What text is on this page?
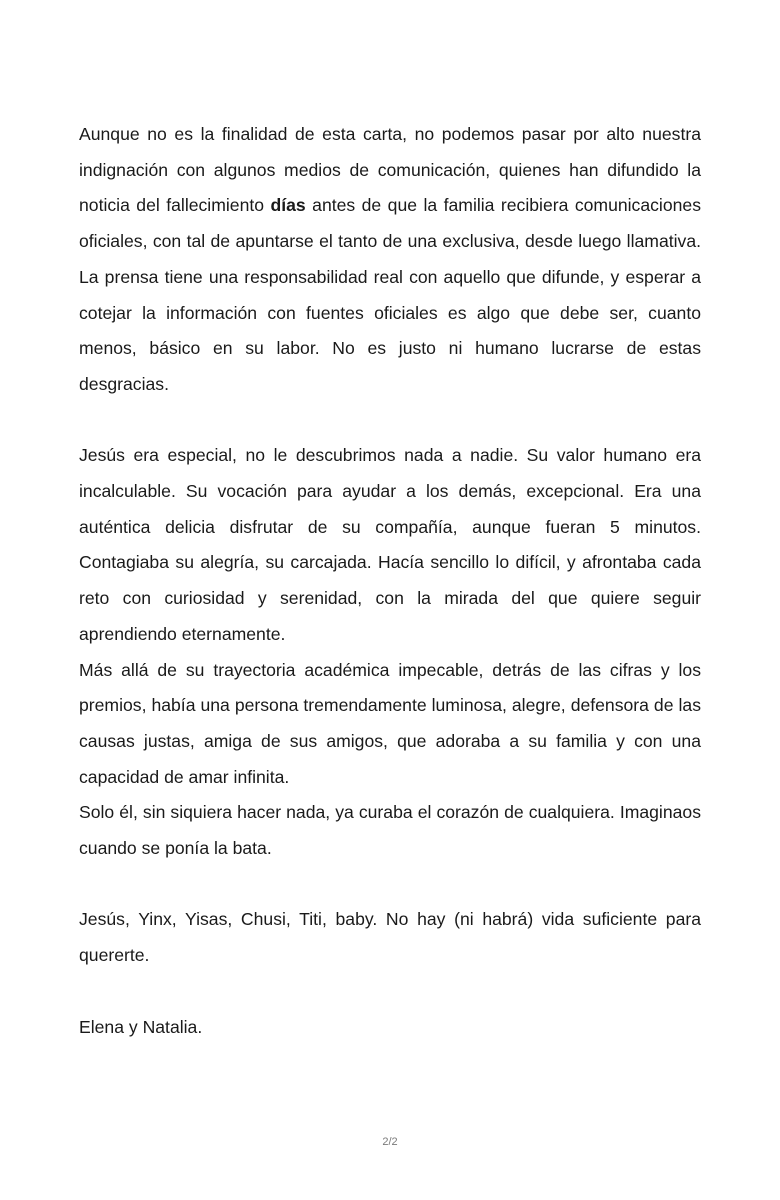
Aunque no es la finalidad de esta carta, no podemos pasar por alto nuestra indignación con algunos medios de comunicación, quienes han difundido la noticia del fallecimiento días antes de que la familia recibiera comunicaciones oficiales, con tal de apuntarse el tanto de una exclusiva, desde luego llamativa. La prensa tiene una responsabilidad real con aquello que difunde, y esperar a cotejar la información con fuentes oficiales es algo que debe ser, cuanto menos, básico en su labor. No es justo ni humano lucrarse de estas desgracias.

Jesús era especial, no le descubrimos nada a nadie. Su valor humano era incalculable. Su vocación para ayudar a los demás, excepcional. Era una auténtica delicia disfrutar de su compañía, aunque fueran 5 minutos. Contagiaba su alegría, su carcajada. Hacía sencillo lo difícil, y afrontaba cada reto con curiosidad y serenidad, con la mirada del que quiere seguir aprendiendo eternamente.

Más allá de su trayectoria académica impecable, detrás de las cifras y los premios, había una persona tremendamente luminosa, alegre, defensora de las causas justas, amiga de sus amigos, que adoraba a su familia y con una capacidad de amar infinita.

Solo él, sin siquiera hacer nada, ya curaba el corazón de cualquiera. Imaginaos cuando se ponía la bata.

Jesús, Yinx, Yisas, Chusi, Titi, baby. No hay (ni habrá) vida suficiente para quererte.

Elena y Natalia.

2/2
